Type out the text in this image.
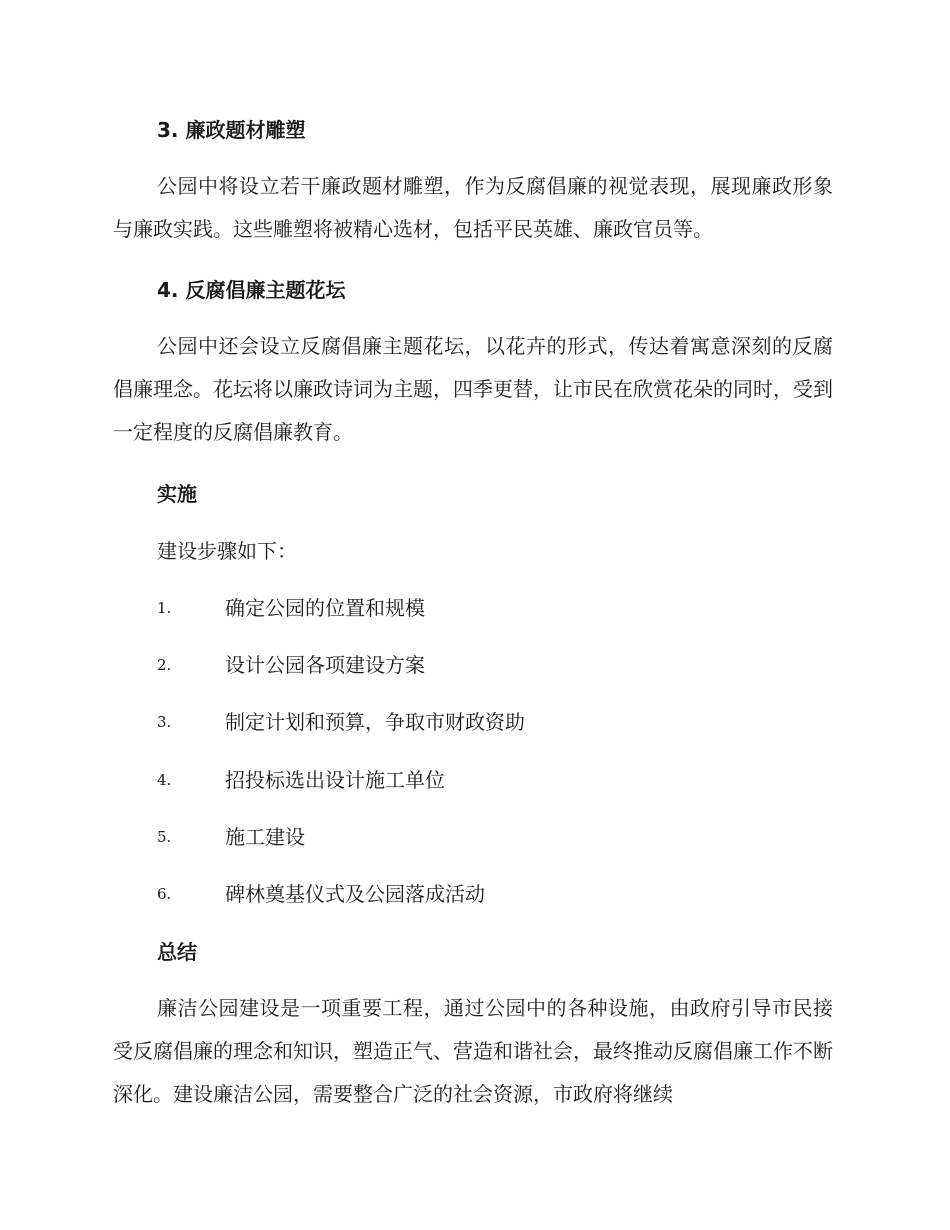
3. 廉政题材雕塑
公园中将设立若干廉政题材雕塑，作为反腐倡廉的视觉表现，展现廉政形象与廉政实践。这些雕塑将被精心选材，包括平民英雄、廉政官员等。
4. 反腐倡廉主题花坛
公园中还会设立反腐倡廉主题花坛，以花卉的形式，传达着寓意深刻的反腐倡廉理念。花坛将以廉政诗词为主题，四季更替，让市民在欣赏花朵的同时，受到一定程度的反腐倡廉教育。
实施
建设步骤如下：
1.	确定公园的位置和规模
2.	设计公园各项建设方案
3.	制定计划和预算，争取市财政资助
4.	招投标选出设计施工单位
5.	施工建设
6.	碑林奠基仪式及公园落成活动
总结
廉洁公园建设是一项重要工程，通过公园中的各种设施，由政府引导市民接受反腐倡廉的理念和知识，塑造正气、营造和谐社会，最终推动反腐倡廉工作不断深化。建设廉洁公园，需要整合广泛的社会资源，市政府将继续
